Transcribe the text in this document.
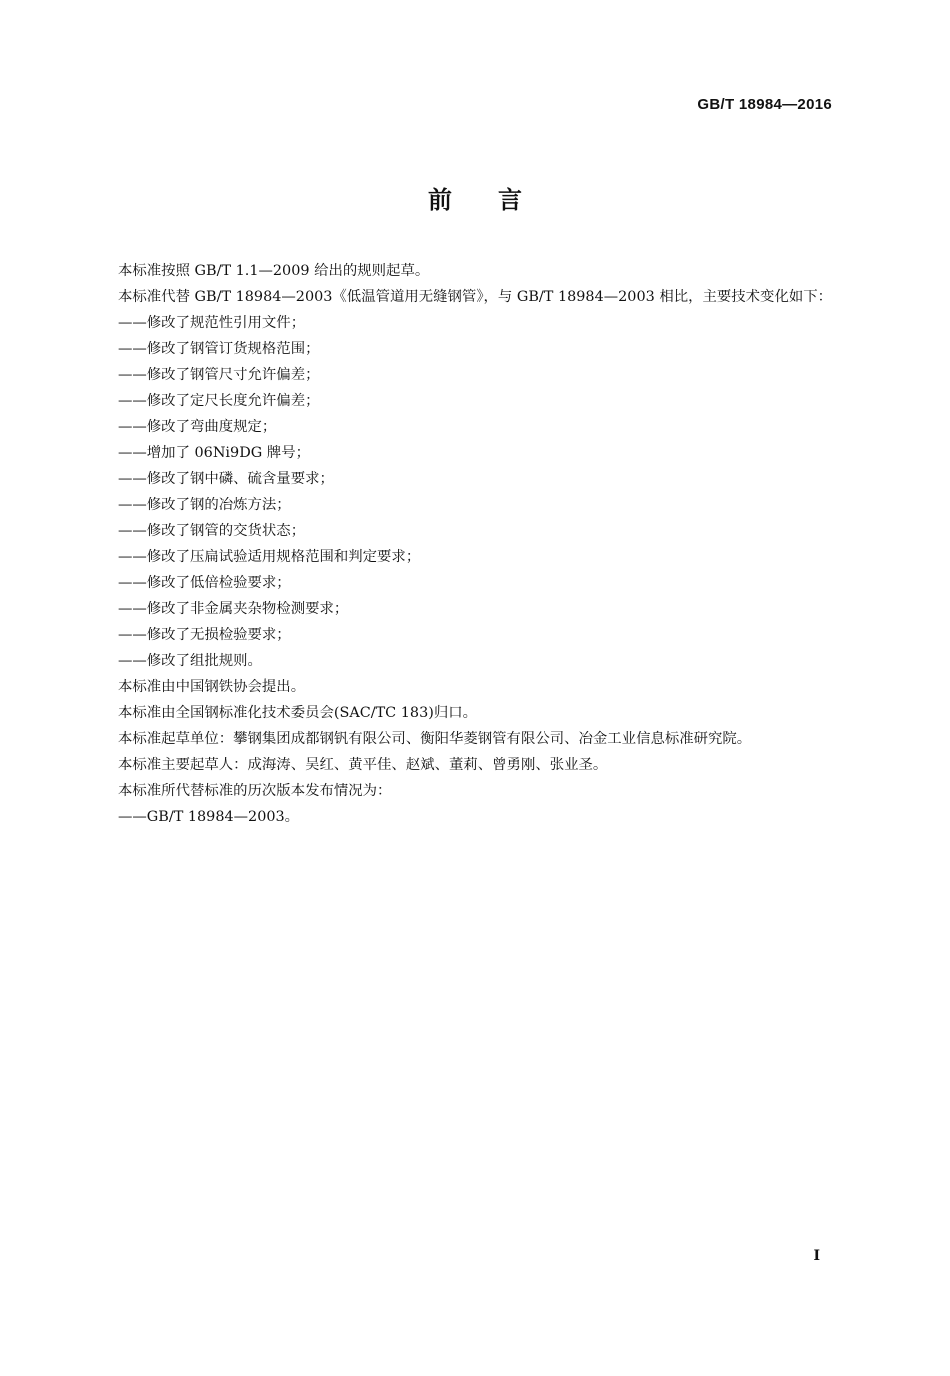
GB/T 18984—2016
前言

本标准按照 GB/T 1.1—2009 给出的规则起草。

本标准代替 GB/T 18984—2003《低温管道用无缝钢管》，与 GB/T 18984—2003 相比，主要技术变化如下：

——修改了规范性引用文件；

——修改了钢管订货规格范围；

——修改了钢管尺寸允许偏差；

——修改了定尺长度允许偏差；

——修改了弯曲度规定；

——增加了 06Ni9DG 牌号；

——修改了钢中磷、硫含量要求；

——修改了钢的冶炼方法；

——修改了钢管的交货状态；

——修改了压扁试验适用规格范围和判定要求；

——修改了低倍检验要求；

——修改了非金属夹杂物检测要求；

——修改了无损检验要求；

——修改了组批规则。

本标准由中国钢铁协会提出。

本标准由全国钢标准化技术委员会(SAC/TC 183)归口。

本标准起草单位：攀钢集团成都钢钒有限公司、衡阳华菱钢管有限公司、冶金工业信息标准研究院。

本标准主要起草人：成海涛、吴红、黄平佳、赵斌、董莉、曾勇刚、张业圣。

本标准所代替标准的历次版本发布情况为：

——GB/T 18984—2003。

I
